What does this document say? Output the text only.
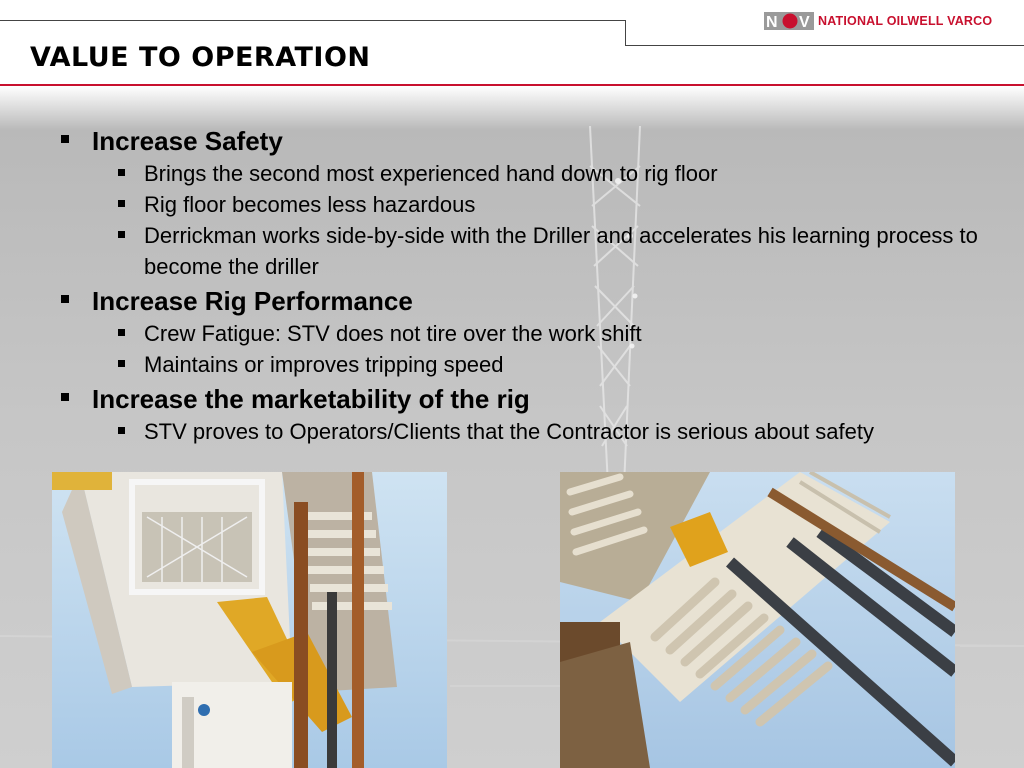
N V NATIONAL OILWELL VARCO
VALUE TO OPERATION
Increase Safety
Brings the second most experienced hand down to rig floor
Rig floor becomes less hazardous
Derrickman works side-by-side with the Driller and accelerates his learning process to become the driller
Increase Rig Performance
Crew Fatigue: STV does not tire over the work shift
Maintains or improves tripping speed
Increase the marketability of the rig
STV proves to Operators/Clients that the Contractor is serious about safety
